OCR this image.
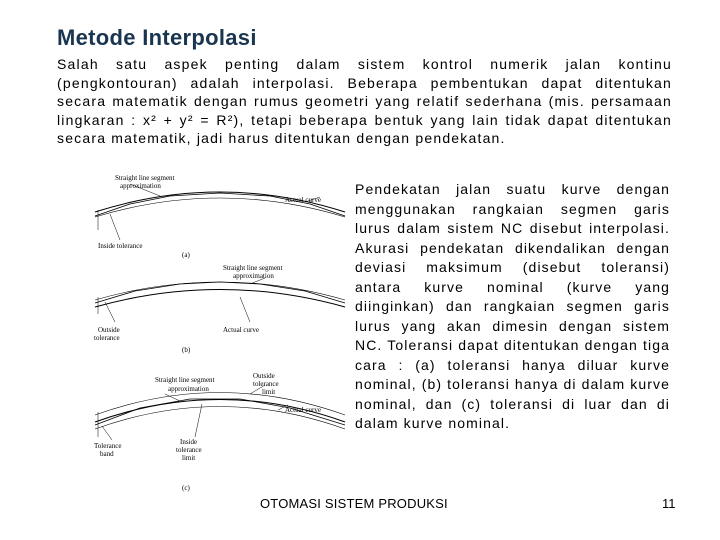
Metode Interpolasi

Salah satu aspek penting dalam sistem kontrol numerik jalan kontinu (pengkontouran) adalah interpolasi. Beberapa pembentukan dapat ditentukan secara matematik dengan rumus geometri yang relatif sederhana (mis. persamaan lingkaran : x² + y² = R²), tetapi beberapa bentuk yang lain tidak dapat ditentukan secara matematik, jadi harus ditentukan dengan pendekatan.

Straight line segment
approximation
Actual curve
Inside tolerance
(a)
Straight line segment
approximation
Actual curve
Outside
tolerance
(b)
Straight line segment
approximation
Outside
tolerance
limit
Actual curve
Inside
tolerance
limit
Tolerance
band
(c)

Pendekatan jalan suatu kurve dengan menggunakan rangkaian segmen garis lurus dalam sistem NC disebut interpolasi. Akurasi pendekatan dikendalikan dengan deviasi maksimum (disebut toleransi) antara kurve nominal (kurve yang diinginkan) dan rangkaian segmen garis lurus yang akan dimesin dengan sistem NC. Toleransi dapat ditentukan dengan tiga cara : (a) toleransi hanya diluar kurve nominal, (b) toleransi hanya di dalam kurve nominal, dan (c) toleransi di luar dan di dalam kurve nominal.

OTOMASI SISTEM PRODUKSI	11
